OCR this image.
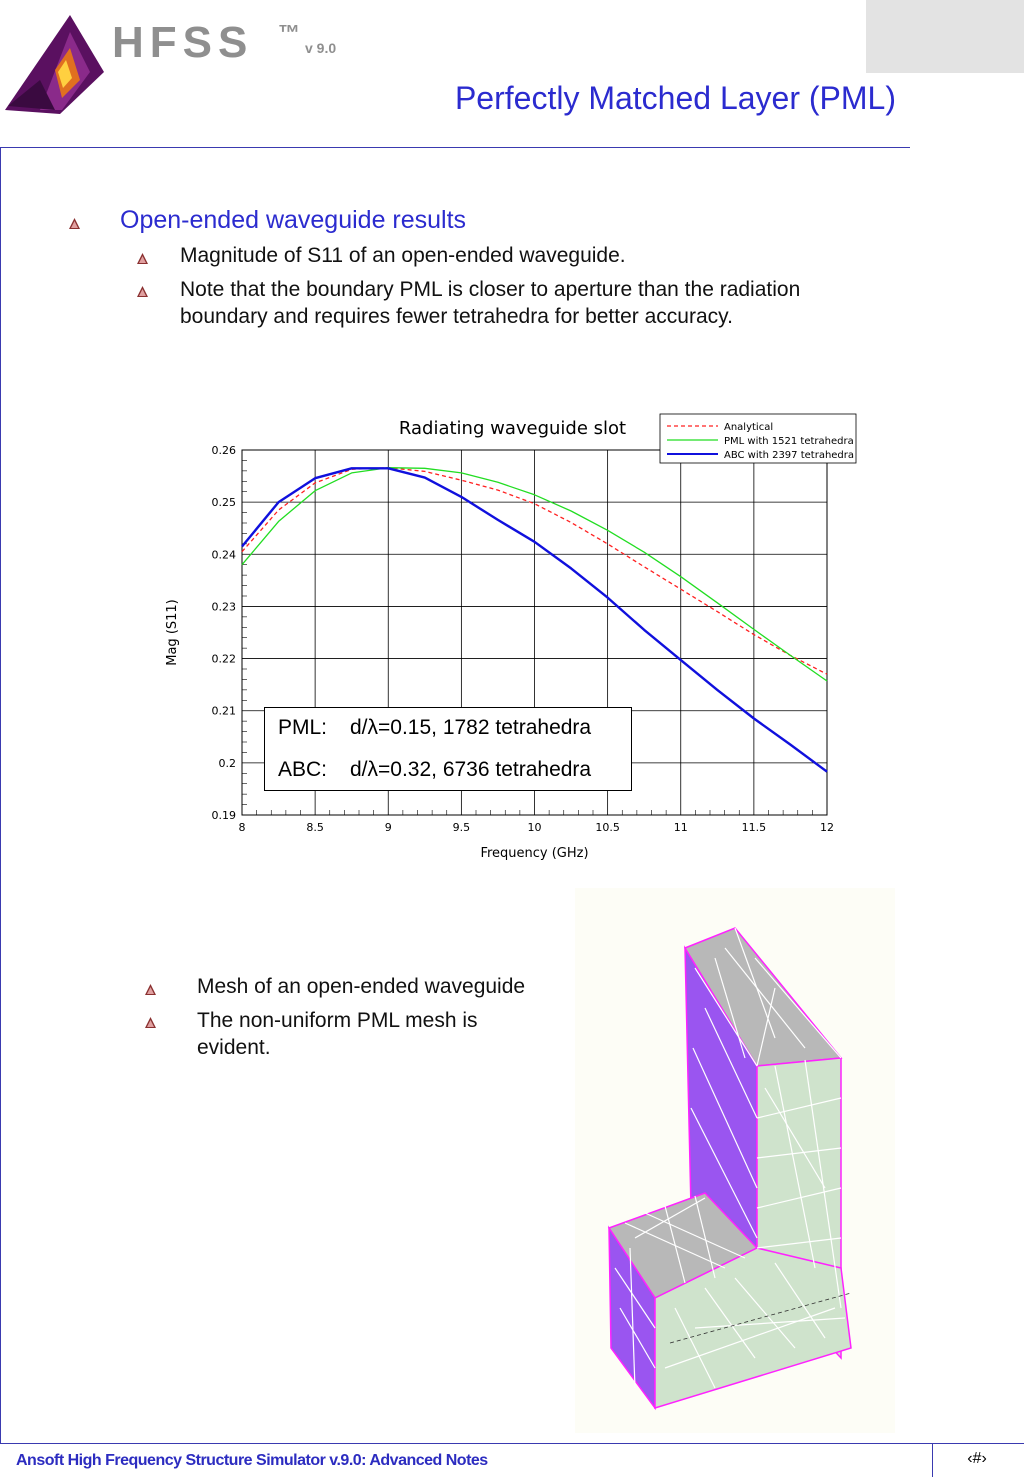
HFSS ™
v 9.0
Perfectly Matched Layer (PML)
Open-ended waveguide results
Magnitude of S11 of an open-ended waveguide.
Note that the boundary PML is closer to aperture than the radiation
boundary and requires fewer tetrahedra for better accuracy.
8	8.5	9	9.5	10	10.5	11	11.5	12
0.19
0.2
0.21
0.22
0.23
0.24
0.25
0.26
Frequency (GHz)
Mag (S11)
Radiating waveguide slot	Analytical
PML with 1521 tetrahedra
ABC with 2397 tetrahedra
PML: d/λ=0.15, 1782 tetrahedra
ABC: d/λ=0.32, 6736 tetrahedra
Mesh of an open-ended waveguide
The non-uniform PML mesh is
evident.
Ansoft High Frequency Structure Simulator v.9.0: Advanced Notes	‹#›
